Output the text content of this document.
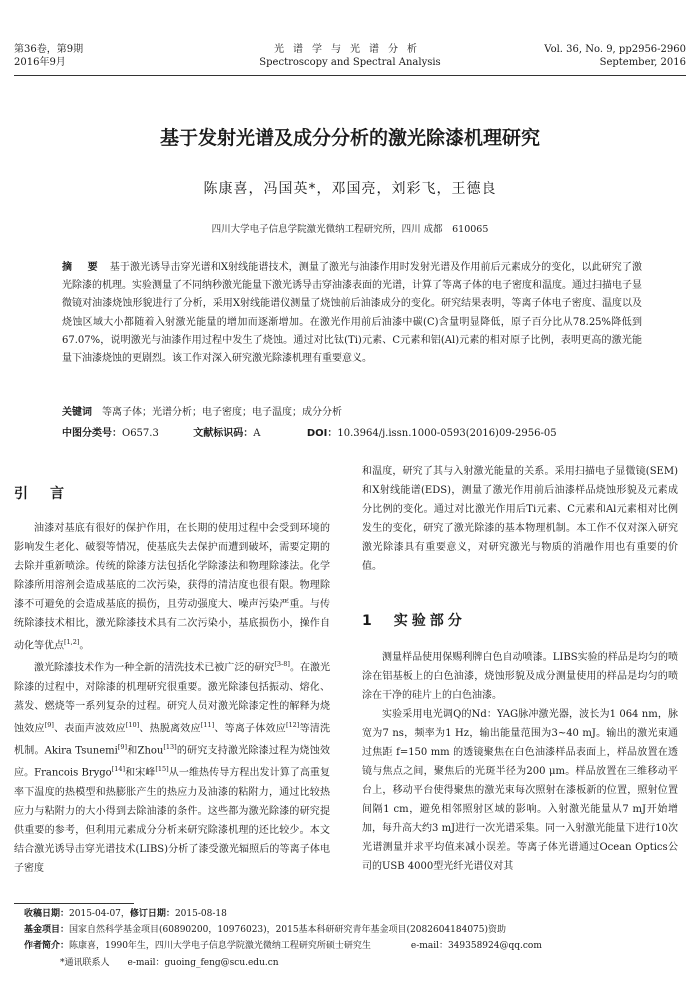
第36卷，第9期
2016年9月
光谱学与光谱分析
Spectroscopy and Spectral Analysis
Vol. 36, No. 9, pp2956-2960
September, 2016
基于发射光谱及成分分析的激光除漆机理研究
陈康喜，冯国英*，邓国亮，刘彩飞，王德良
四川大学电子信息学院激光微纳工程研究所，四川 成都　610065
摘 要 基于激光诱导击穿光谱和X射线能谱技术，测量了激光与油漆作用时发射光谱及作用前后元素成分的变化，以此研究了激光除漆的机理。实验测量了不同纳秒激光能量下激光诱导击穿油漆表面的光谱，计算了等离子体的电子密度和温度。通过扫描电子显微镜对油漆烧蚀形貌进行了分析，采用X射线能谱仪测量了烧蚀前后油漆成分的变化。研究结果表明，等离子体电子密度、温度以及烧蚀区域大小都随着入射激光能量的增加而逐渐增加。在激光作用前后油漆中碳(C)含量明显降低，原子百分比从78.25%降低到67.07%，说明激光与油漆作用过程中发生了烧蚀。通过对比钛(Ti)元素、C元素和铝(Al)元素的相对原子比例，表明更高的激光能量下油漆烧蚀的更剧烈。该工作对深入研究激光除漆机理有重要意义。
关键词　 等离子体；光谱分析；电子密度；电子温度；成分分析
中图分类号：O657.3	文献标识码：A	DOI：10.3964/j.issn.1000-0593(2016)09-2956-05
引　言

油漆对基底有很好的保护作用，在长期的使用过程中会受到环境的影响发生老化、破裂等情况，使基底失去保护而遭到破坏，需要定期的去除并重新喷涂。传统的除漆方法包括化学除漆法和物理除漆法。化学除漆所用溶剂会造成基底的二次污染，获得的清洁度也很有限。物理除漆不可避免的会造成基底的损伤，且劳动强度大、噪声污染严重。与传统除漆技术相比，激光除漆技术具有二次污染小，基底损伤小，操作自动化等优点[1,2]。

激光除漆技术作为一种全新的清洗技术已被广泛的研究[3-8]。在激光除漆的过程中，对除漆的机理研究很重要。激光除漆包括振动、熔化、蒸发、燃烧等一系列复杂的过程。研究人员对激光除漆定性的解释为烧蚀效应[9]、表面声波效应[10]、热脱离效应[11]、等离子体效应[12]等清洗机制。Akira Tsunemi[9]和Zhou[13]的研究支持激光除漆过程为烧蚀效应。Francois Brygo[14]和宋峰[15]从一维热传导方程出发计算了高重复率下温度的热模型和热膨胀产生的热应力及油漆的粘附力，通过比较热应力与粘附力的大小得到去除油漆的条件。这些都为激光除漆的研究提供重要的参考，但利用元素成分分析来研究除漆机理的还比较少。本文结合激光诱导击穿光谱技术(LIBS)分析了漆受激光辐照后的等离子体电子密度

和温度，研究了其与入射激光能量的关系。采用扫描电子显微镜(SEM)和X射线能谱(EDS)，测量了激光作用前后油漆样品烧蚀形貌及元素成分比例的变化。通过对比激光作用后Ti元素、C元素和Al元素相对比例发生的变化，研究了激光除漆的基本物理机制。本工作不仅对深入研究激光除漆具有重要意义，对研究激光与物质的消融作用也有重要的价值。

1　实验部分

测量样品使用保赐利牌白色自动喷漆。LIBS实验的样品是均匀的喷涂在铝基板上的白色油漆，烧蚀形貌及成分测量使用的样品是均匀的喷涂在干净的硅片上的白色油漆。

实验采用电光调Q的Nd：YAG脉冲激光器，波长为1 064 nm，脉宽为7 ns，频率为1 Hz，输出能量范围为3~40 mJ。输出的激光束通过焦距 f=150 mm 的透镜聚焦在白色油漆样品表面上，样品放置在透镜与焦点之间，聚焦后的光斑半径为200 μm。样品放置在三维移动平台上，移动平台使得聚焦的激光束每次照射在漆板新的位置，照射位置间隔1 cm，避免相邻照射区域的影响。入射激光能量从7 mJ开始增加，每升高大约3 mJ进行一次光谱采集。同一入射激光能量下进行10次光谱测量并求平均值来减小误差。等离子体光谱通过Ocean Optics公司的USB 4000型光纤光谱仪对其

收稿日期：2015-04-07，修订日期：2015-08-18
基金项目：国家自然科学基金项目(60890200，10976023)，2015基本科研研究青年基金项目(2082604184075)资助
作者简介：陈康喜，1990年生，四川大学电子信息学院激光微纳工程研究所硕士研究生	e-mail：349358924@qq.com
*通讯联系人 e-mail：guoing_feng@scu.edu.cn
